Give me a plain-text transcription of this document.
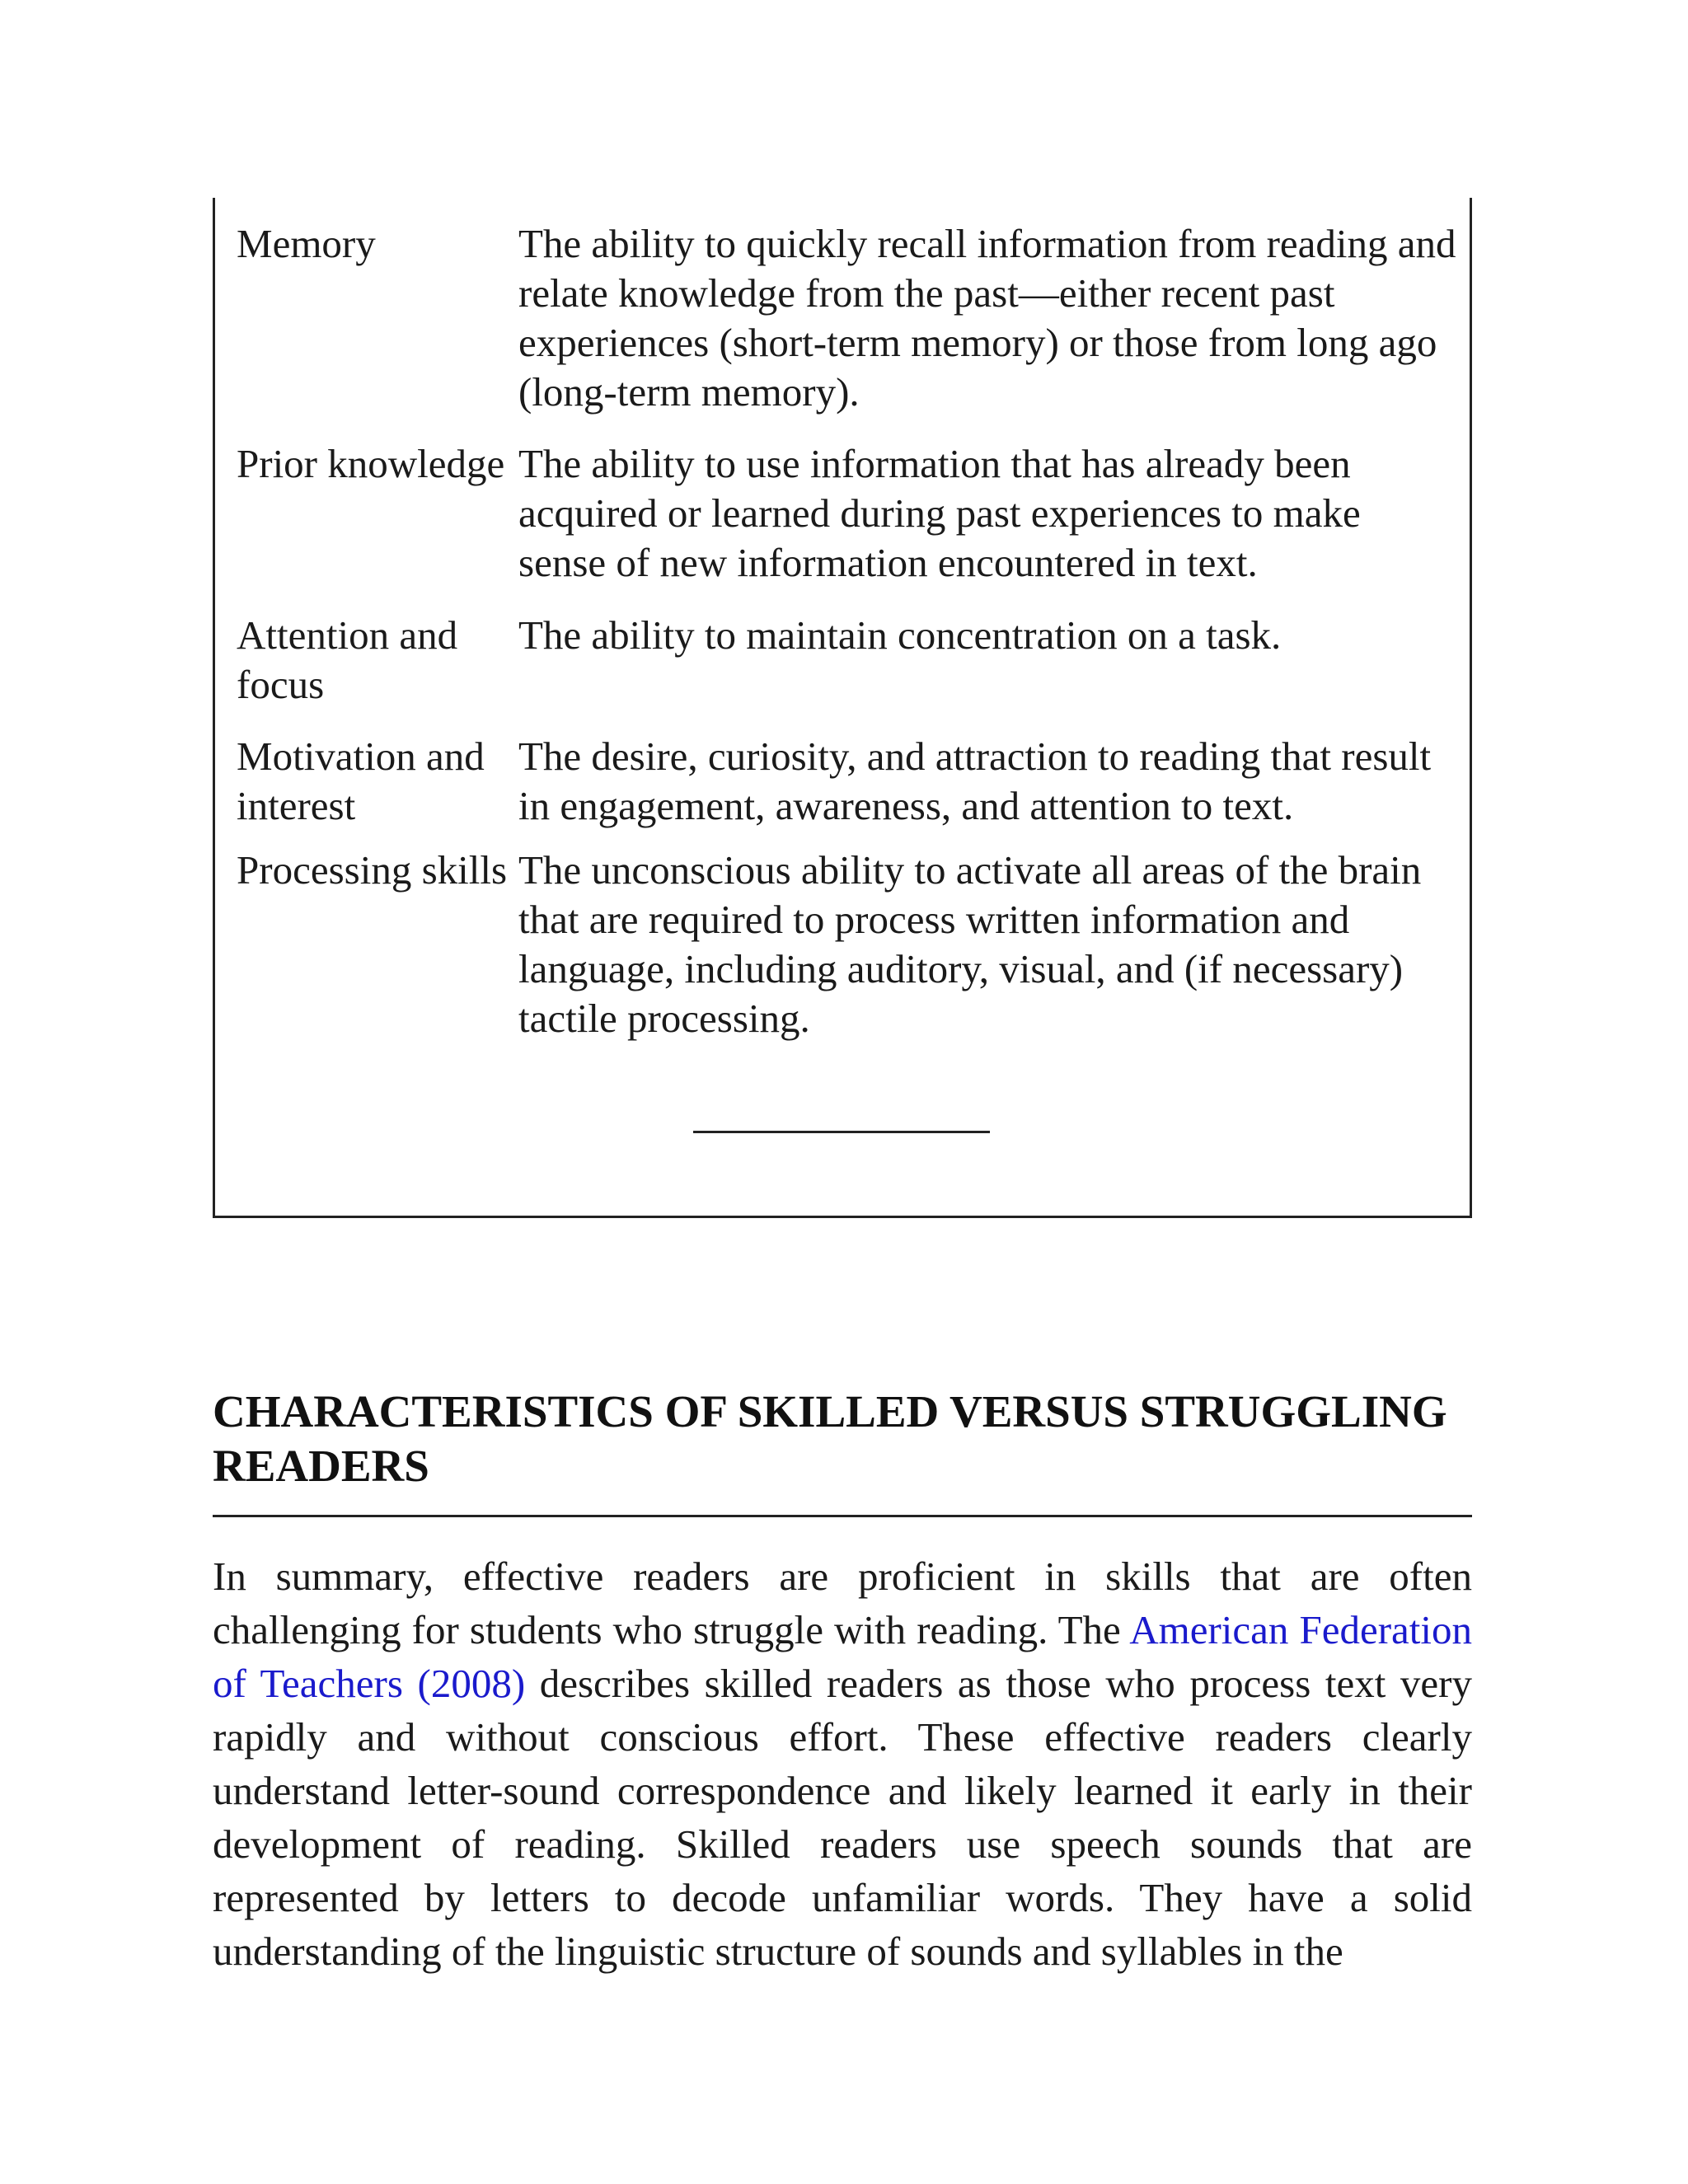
Memory	The ability to quickly recall information from reading and relate knowledge from the past—either recent past experiences (short-term memory) or those from long ago (long-term memory).
Prior knowledge The ability to use information that has already been acquired or learned during past experiences to make sense of new information encountered in text.
Attention and focus
The ability to maintain concentration on a task.
Motivation and interest
The desire, curiosity, and attraction to reading that result in engagement, awareness, and attention to text.
Processing skills The unconscious ability to activate all areas of the brain that are required to process written information and language, including auditory, visual, and (if necessary) tactile processing.
CHARACTERISTICS OF SKILLED VERSUS STRUGGLING READERS

In summary, effective readers are proficient in skills that are often challenging for students who struggle with reading. The American Federation of Teachers (2008) describes skilled readers as those who process text very rapidly and without conscious effort. These effective readers clearly understand letter-sound correspondence and likely learned it early in their development of reading. Skilled readers use speech sounds that are represented by letters to decode unfamiliar words. They have a solid understanding of the linguistic structure of sounds and syllables in the
